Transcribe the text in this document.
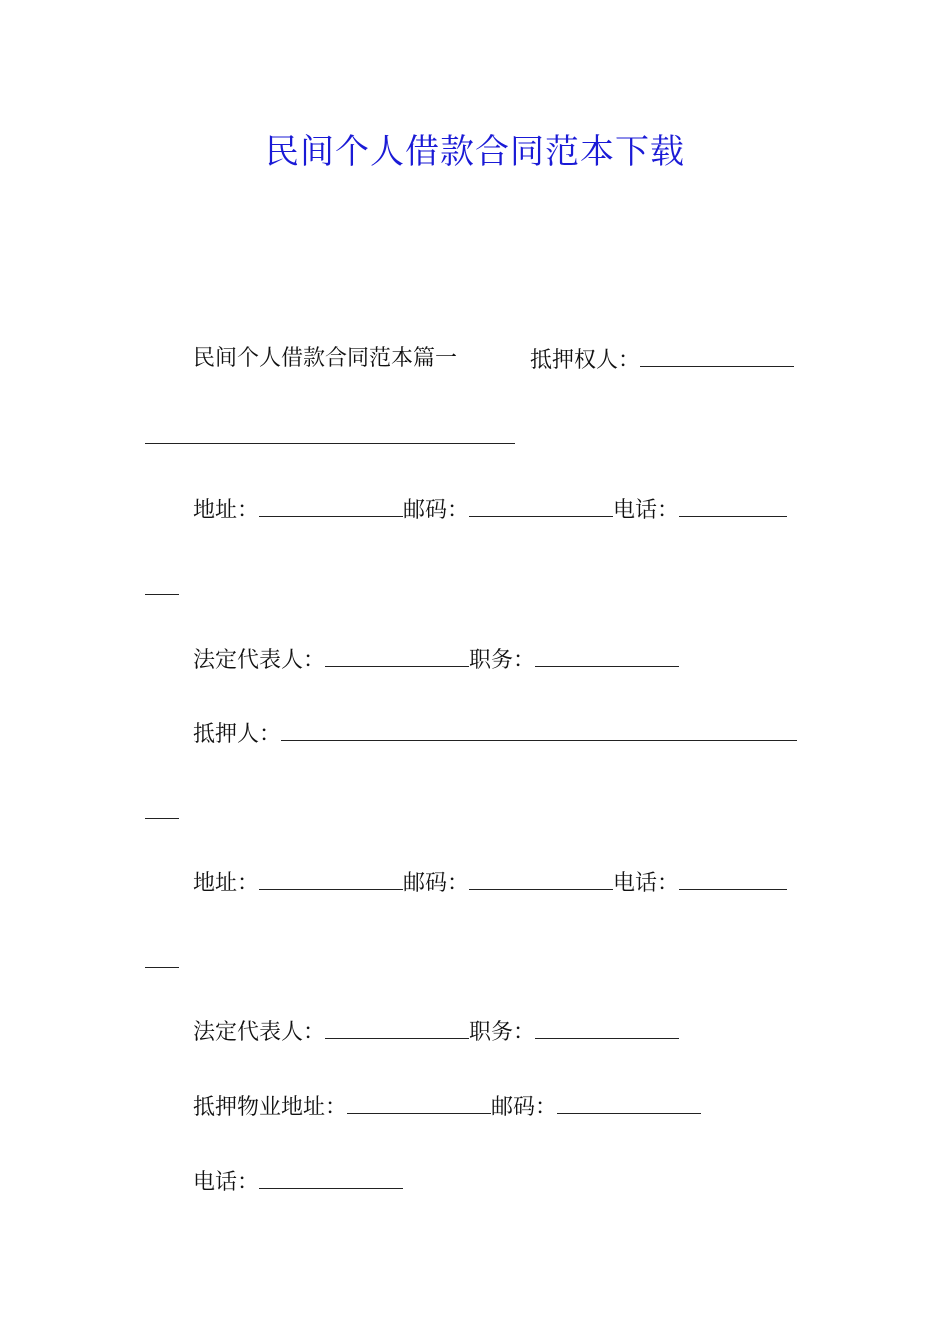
民间个人借款合同范本下载
民间个人借款合同范本篇一	抵押权人：
地址：	邮码：	电话：
法定代表人：	职务：
抵押人：
地址：	邮码：	电话：
法定代表人：	职务：
抵押物业地址：	邮码：
电话：
